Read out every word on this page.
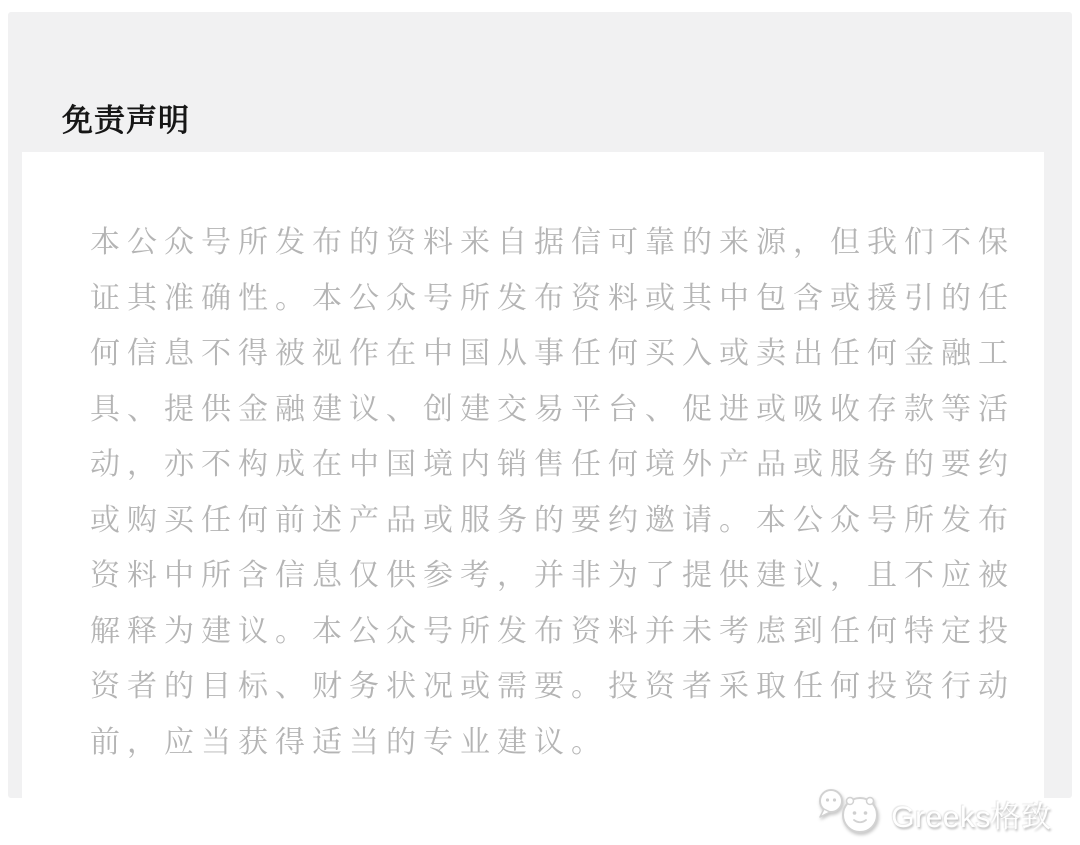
免责声明
本公众号所发布的资料来自据信可靠的来源，但我们不保
证其准确性。本公众号所发布资料或其中包含或援引的任
何信息不得被视作在中国从事任何买入或卖出任何金融工
具、提供金融建议、创建交易平台、促进或吸收存款等活
动，亦不构成在中国境内销售任何境外产品或服务的要约
或购买任何前述产品或服务的要约邀请。本公众号所发布
资料中所含信息仅供参考，并非为了提供建议，且不应被
解释为建议。本公众号所发布资料并未考虑到任何特定投
资者的目标、财务状况或需要。投资者采取任何投资行动
前，应当获得适当的专业建议。
Greeks格致
